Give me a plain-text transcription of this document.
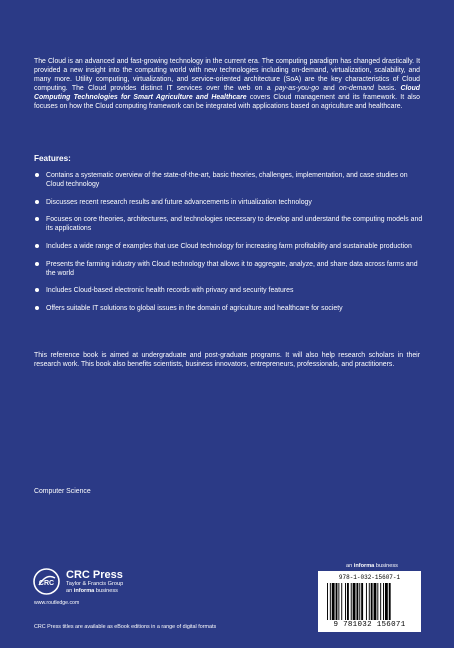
The Cloud is an advanced and fast-growing technology in the current era. The computing paradigm has changed drastically. It provided a new insight into the computing world with new technologies including on-demand, virtualization, scalability, and many more. Utility computing, virtualization, and service-oriented architecture (SoA) are the key characteristics of Cloud computing. The Cloud provides distinct IT services over the web on a pay-as-you-go and on-demand basis. Cloud Computing Technologies for Smart Agriculture and Healthcare covers Cloud management and its framework. It also focuses on how the Cloud computing framework can be integrated with applications based on agriculture and healthcare.

Features:

Contains a systematic overview of the state-of-the-art, basic theories, challenges, implementation, and case studies on Cloud technology
Discusses recent research results and future advancements in virtualization technology
Focuses on core theories, architectures, and technologies necessary to develop and understand the computing models and its applications
Includes a wide range of examples that use Cloud technology for increasing farm profitability and sustainable production
Presents the farming industry with Cloud technology that allows it to aggregate, analyze, and share data across farms and the world
Includes Cloud-based electronic health records with privacy and security features
Offers suitable IT solutions to global issues in the domain of agriculture and healthcare for society

This reference book is aimed at undergraduate and post-graduate programs. It will also help research scholars in their research work. This book also benefits scientists, business innovators, entrepreneurs, professionals, and practitioners.

Computer Science

CRC
CRC Press
Taylor & Francis Group
an informa business

www.routledge.com

CRC Press titles are available as eBook editions in a range of digital formats

an informa business

978-1-032-15607-1

9 781032 156071
